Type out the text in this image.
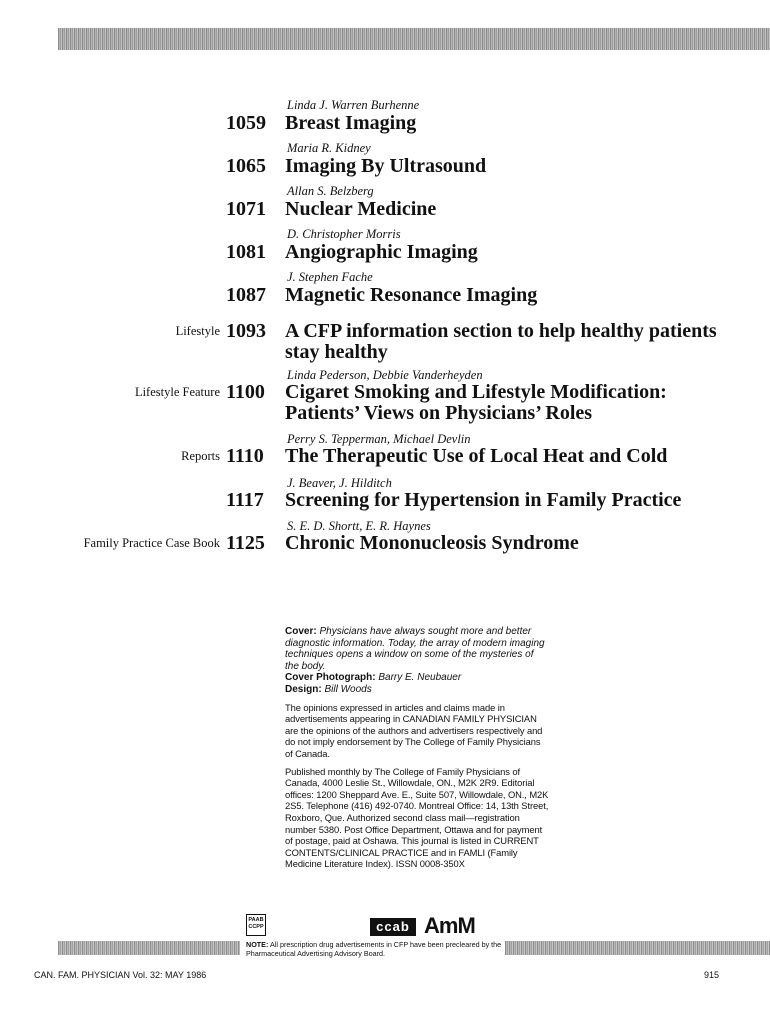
Linda J. Warren Burhenne
1059 Breast Imaging
Maria R. Kidney
1065 Imaging By Ultrasound
Allan S. Belzberg
1071 Nuclear Medicine
D. Christopher Morris
1081 Angiographic Imaging
J. Stephen Fache
1087 Magnetic Resonance Imaging
Lifestyle 1093 A CFP information section to help healthy patients stay healthy
Linda Pederson, Debbie Vanderheyden
Lifestyle Feature 1100 Cigaret Smoking and Lifestyle Modification: Patients’ Views on Physicians’ Roles
Perry S. Tepperman, Michael Devlin
Reports 1110 The Therapeutic Use of Local Heat and Cold
J. Beaver, J. Hilditch
1117 Screening for Hypertension in Family Practice
S. E. D. Shortt, E. R. Haynes
Family Practice Case Book 1125 Chronic Mononucleosis Syndrome

Cover: Physicians have always sought more and better diagnostic information. Today, the array of modern imaging techniques opens a window on some of the mysteries of the body.
Cover Photograph: Barry E. Neubauer
Design: Bill Woods

The opinions expressed in articles and claims made in advertisements appearing in CANADIAN FAMILY PHYSICIAN are the opinions of the authors and advertisers respectively and do not imply endorsement by The College of Family Physicians of Canada.

Published monthly by The College of Family Physicians of Canada, 4000 Leslie St., Willowdale, ON., M2K 2R9. Editorial offices: 1200 Sheppard Ave. E., Suite 507, Willowdale, ON., M2K 2S5. Telephone (416) 492-0740. Montreal Office: 14, 13th Street, Roxboro, Que. Authorized second class mail—registration number 5380. Post Office Department, Ottawa and for payment of postage, paid at Oshawa. This journal is listed in CURRENT CONTENTS/CLINICAL PRACTICE and in FAMLI (Family Medicine Literature Index). ISSN 0008-350X

PAAB
CCPP	ccab AmM
NOTE: All prescription drug advertisements in CFP have been precleared by the Pharmaceutical Advertising Advisory Board.
CAN. FAM. PHYSICIAN Vol. 32: MAY 1986	915
